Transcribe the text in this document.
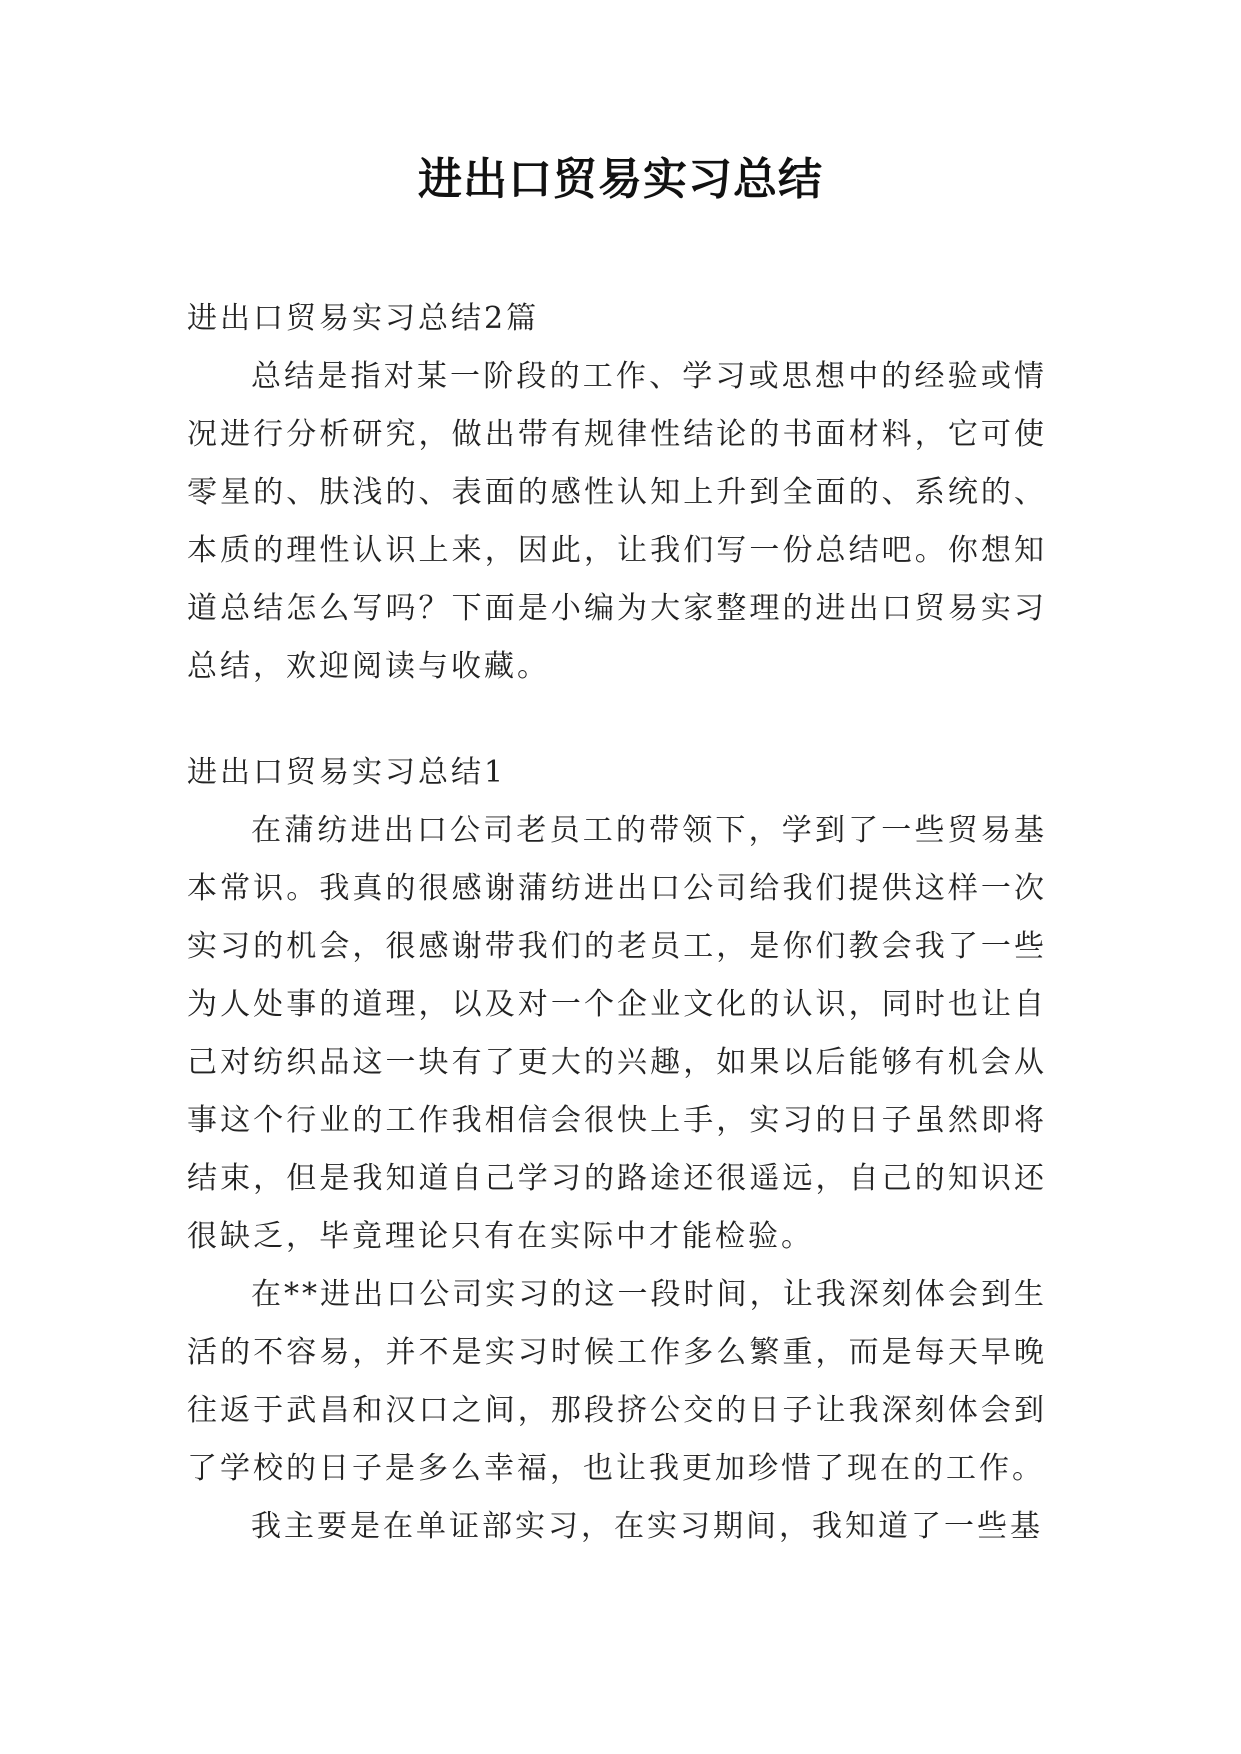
进出口贸易实习总结

进出口贸易实习总结2篇

总结是指对某一阶段的工作、学习或思想中的经验或情况进行分析研究，做出带有规律性结论的书面材料，它可使零星的、肤浅的、表面的感性认知上升到全面的、系统的、本质的理性认识上来，因此，让我们写一份总结吧。你想知道总结怎么写吗？下面是小编为大家整理的进出口贸易实习总结，欢迎阅读与收藏。

进出口贸易实习总结1

在蒲纺进出口公司老员工的带领下，学到了一些贸易基本常识。我真的很感谢蒲纺进出口公司给我们提供这样一次实习的机会，很感谢带我们的老员工，是你们教会我了一些为人处事的道理，以及对一个企业文化的认识，同时也让自己对纺织品这一块有了更大的兴趣，如果以后能够有机会从事这个行业的工作我相信会很快上手，实习的日子虽然即将结束，但是我知道自己学习的路途还很遥远，自己的知识还很缺乏，毕竟理论只有在实际中才能检验。

在**进出口公司实习的这一段时间，让我深刻体会到生活的不容易，并不是实习时候工作多么繁重，而是每天早晚往返于武昌和汉口之间，那段挤公交的日子让我深刻体会到了学校的日子是多么幸福，也让我更加珍惜了现在的工作。

我主要是在单证部实习，在实习期间，我知道了一些基
